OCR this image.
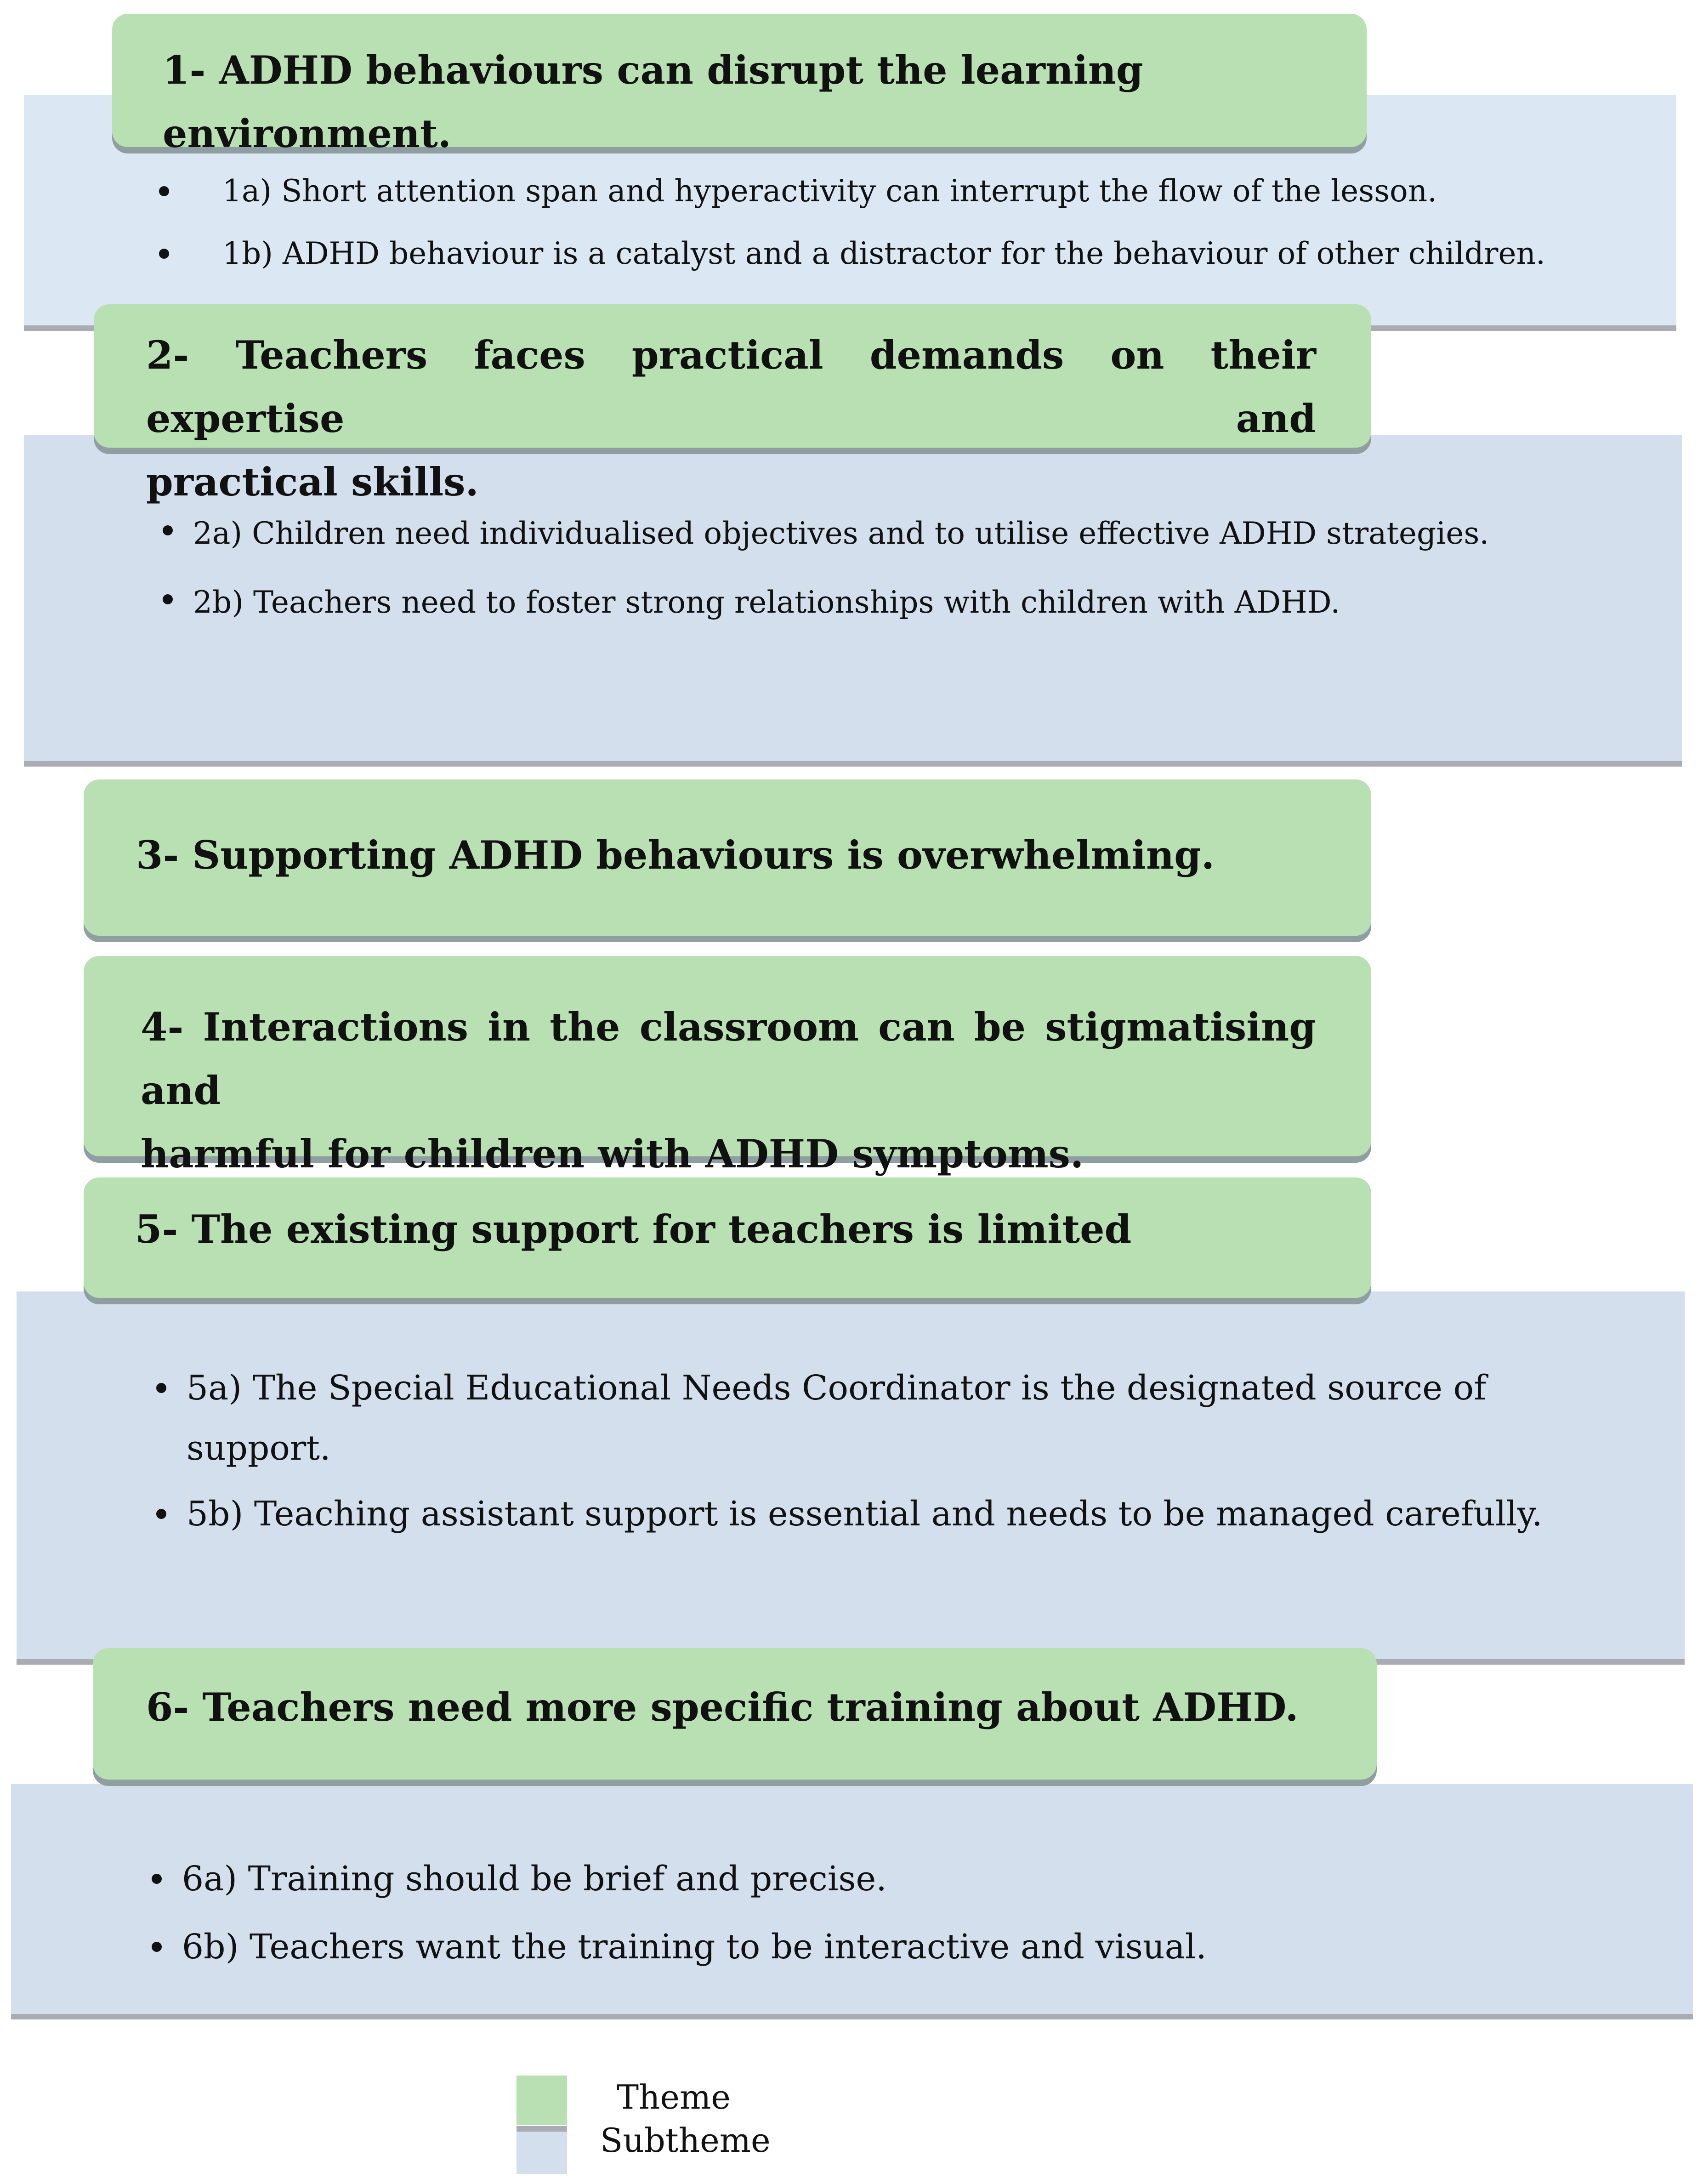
1- ADHD behaviours can disrupt the learning environment.
1a) Short attention span and hyperactivity can interrupt the flow of the lesson.
1b) ADHD behaviour is a catalyst and a distractor for the behaviour of other children.
2- Teachers faces practical demands on their expertise and
practical skills.
2a) Children need individualised objectives and to utilise effective ADHD strategies.
2b) Teachers need to foster strong relationships with children with ADHD.
3- Supporting ADHD behaviours is overwhelming.
4- Interactions in the classroom can be stigmatising and
harmful for children with ADHD symptoms.
5- The existing support for teachers is limited
5a) The Special Educational Needs Coordinator is the designated source of
support.
5b) Teaching assistant support is essential and needs to be managed carefully.
6- Teachers need more specific training about ADHD.
6a) Training should be brief and precise.
6b) Teachers want the training to be interactive and visual.
Theme
Subtheme
